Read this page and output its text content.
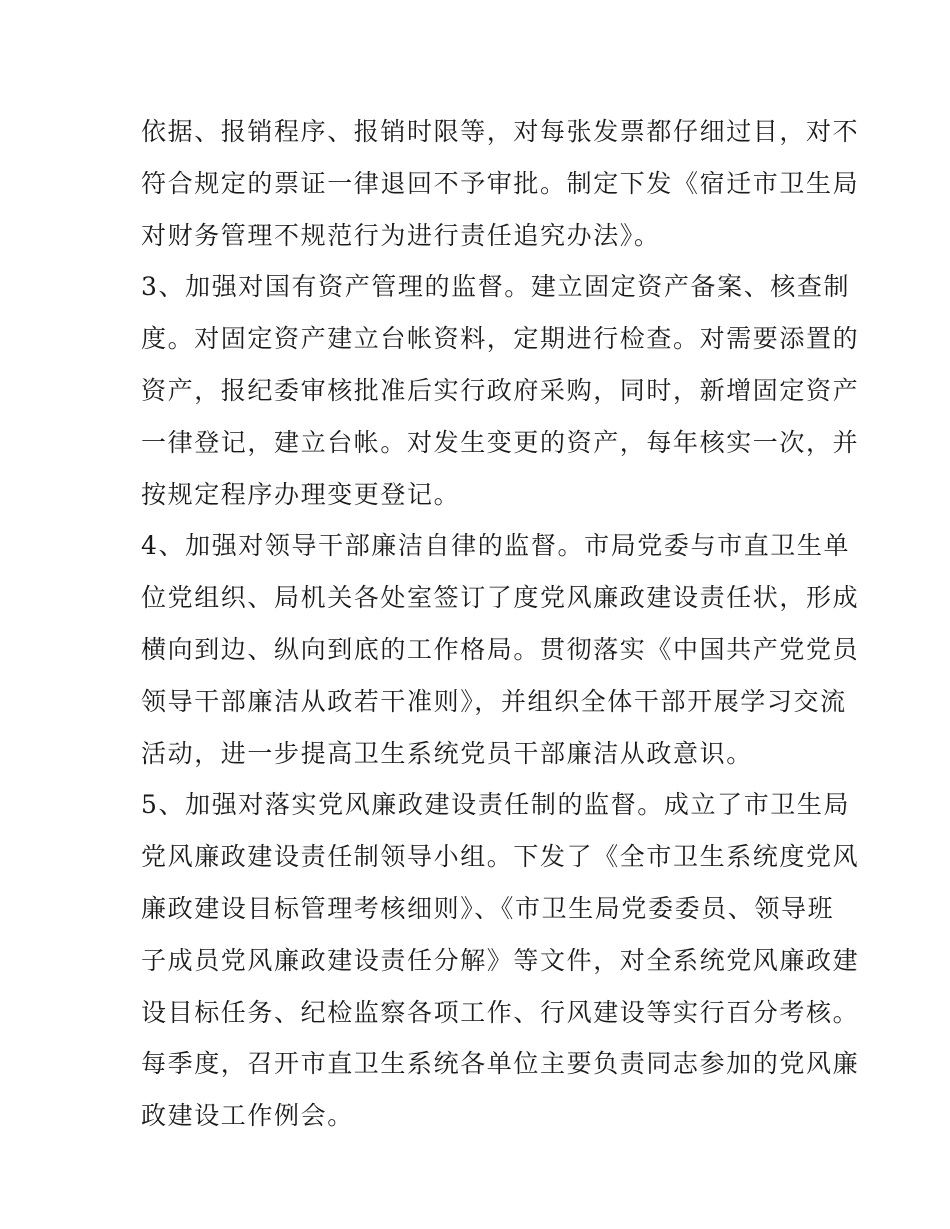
依据、报销程序、报销时限等，对每张发票都仔细过目，对不
符合规定的票证一律退回不予审批。制定下发《宿迁市卫生局
对财务管理不规范行为进行责任追究办法》。
3、加强对国有资产管理的监督。建立固定资产备案、核查制
度。对固定资产建立台帐资料，定期进行检查。对需要添置的
资产，报纪委审核批准后实行政府采购，同时，新增固定资产
一律登记，建立台帐。对发生变更的资产，每年核实一次，并
按规定程序办理变更登记。
4、加强对领导干部廉洁自律的监督。市局党委与市直卫生单
位党组织、局机关各处室签订了度党风廉政建设责任状，形成
横向到边、纵向到底的工作格局。贯彻落实《中国共产党党员
领导干部廉洁从政若干准则》，并组织全体干部开展学习交流
活动，进一步提高卫生系统党员干部廉洁从政意识。
5、加强对落实党风廉政建设责任制的监督。成立了市卫生局
党风廉政建设责任制领导小组。下发了《全市卫生系统度党风
廉政建设目标管理考核细则》、《市卫生局党委委员、领导班
子成员党风廉政建设责任分解》等文件，对全系统党风廉政建
设目标任务、纪检监察各项工作、行风建设等实行百分考核。
每季度，召开市直卫生系统各单位主要负责同志参加的党风廉
政建设工作例会。
